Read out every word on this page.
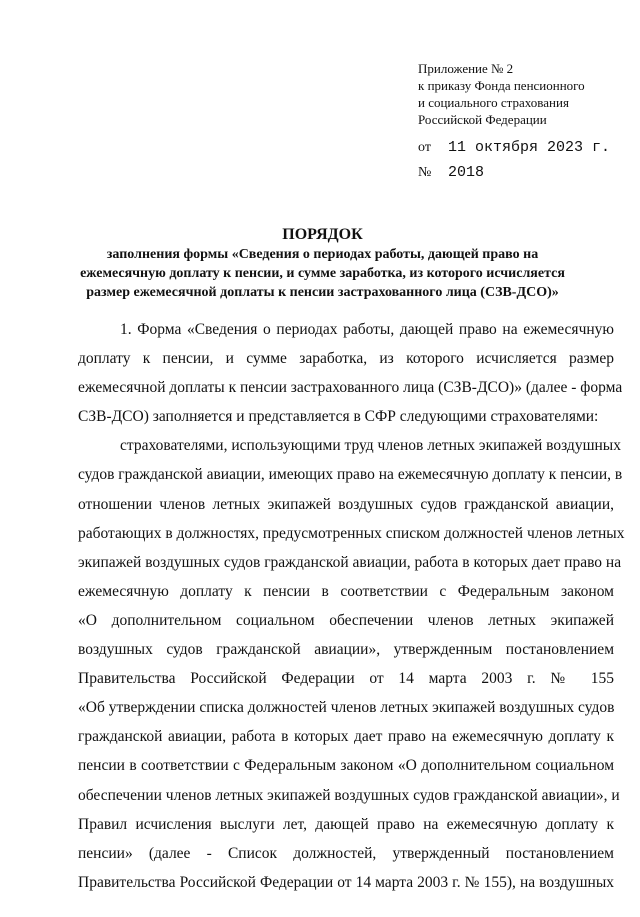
Приложение № 2
к приказу Фонда пенсионного
и социального страхования
Российской Федерации
от 11 октября 2023 г.
№ 2018
ПОРЯДОК
заполнения формы «Сведения о периодах работы, дающей право на
ежемесячную доплату к пенсии, и сумме заработка, из которого исчисляется
размер ежемесячной доплаты к пенсии застрахованного лица (СЗВ-ДСО)»
1. Форма «Сведения о периодах работы, дающей право на ежемесячную
доплату к пенсии, и сумме заработка, из которого исчисляется размер
ежемесячной доплаты к пенсии застрахованного лица (СЗВ-ДСО)» (далее - форма
СЗВ-ДСО) заполняется и представляется в СФР следующими страхователями:
страхователями, использующими труд членов летных экипажей воздушных
судов гражданской авиации, имеющих право на ежемесячную доплату к пенсии, в
отношении членов летных экипажей воздушных судов гражданской авиации,
работающих в должностях, предусмотренных списком должностей членов летных
экипажей воздушных судов гражданской авиации, работа в которых дает право на
ежемесячную доплату к пенсии в соответствии с Федеральным законом
«О дополнительном социальном обеспечении членов летных экипажей
воздушных судов гражданской авиации», утвержденным постановлением
Правительства Российской Федерации от 14 марта 2003 г. № 155
«Об утверждении списка должностей членов летных экипажей воздушных судов
гражданской авиации, работа в которых дает право на ежемесячную доплату к
пенсии в соответствии с Федеральным законом «О дополнительном социальном
обеспечении членов летных экипажей воздушных судов гражданской авиации», и
Правил исчисления выслуги лет, дающей право на ежемесячную доплату к
пенсии» (далее - Список должностей, утвержденный постановлением
Правительства Российской Федерации от 14 марта 2003 г. № 155), на воздушных
